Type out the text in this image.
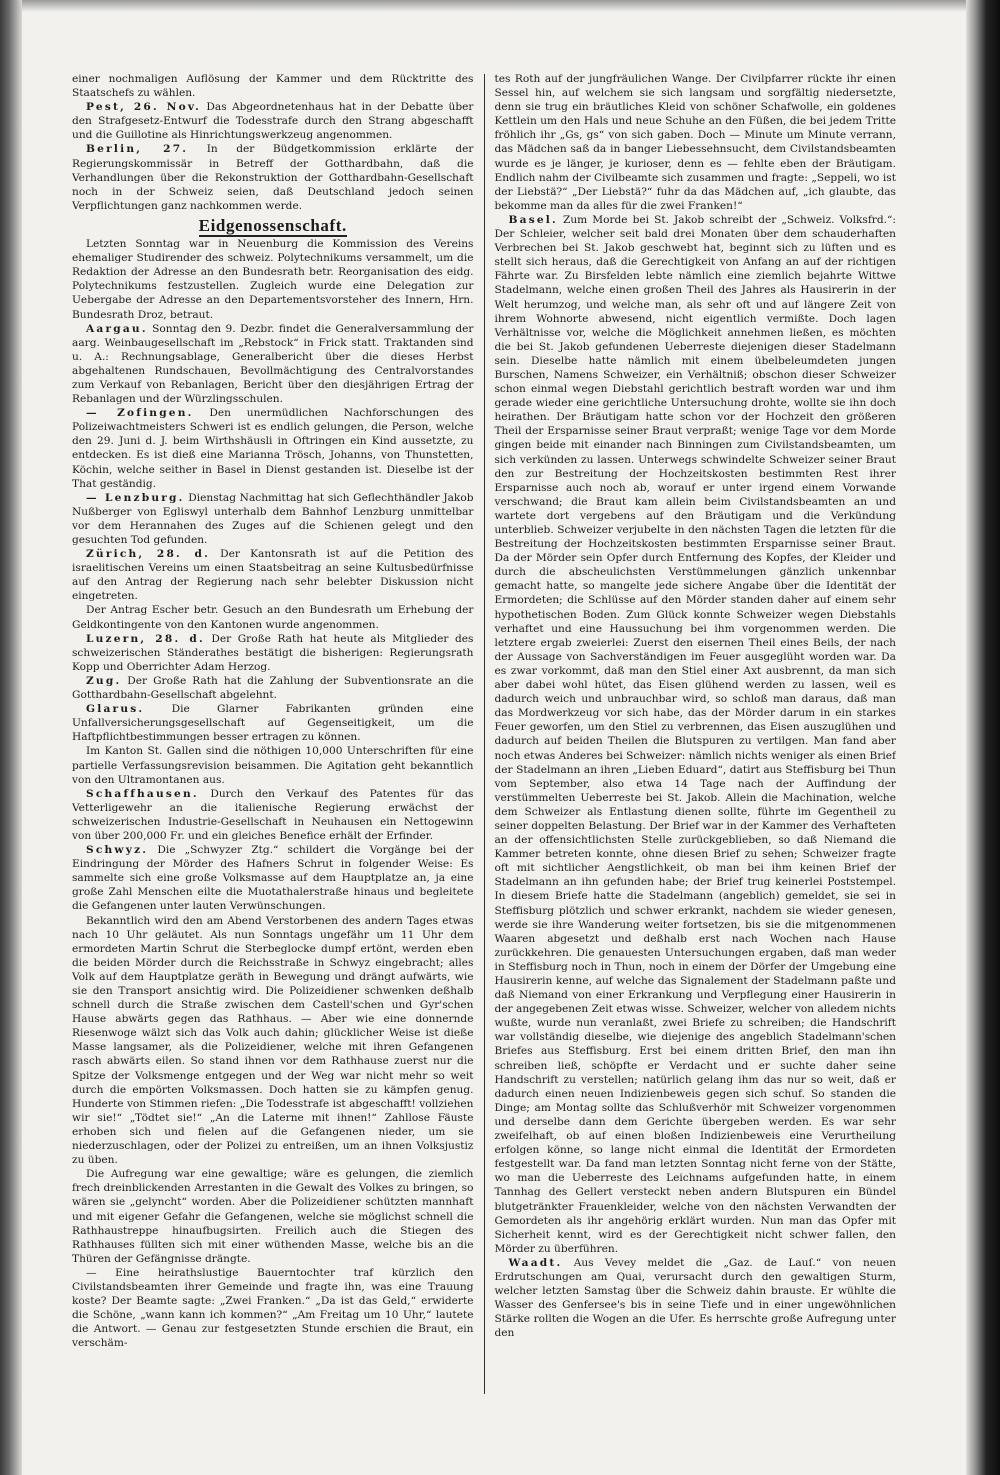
einer nochmaligen Auflösung der Kammer und dem Rücktritte des Staatschefs zu wählen.

Pest, 26. Nov. Das Abgeordnetenhaus hat in der Debatte über den Strafgesetz-Entwurf die Todesstrafe durch den Strang abgeschafft und die Guillotine als Hinrichtungswerkzeug angenommen.

Berlin, 27. In der Büdgetkommission erklärte der Regierungskommissär in Betreff der Gotthardbahn, daß die Verhandlungen über die Rekonstruktion der Gotthardbahn-Gesellschaft noch in der Schweiz seien, daß Deutschland jedoch seinen Verpflichtungen ganz nachkommen werde.

Eidgenossenschaft.

Letzten Sonntag war in Neuenburg die Kommission des Vereins ehemaliger Studirender des schweiz. Polytechnikums versammelt, um die Redaktion der Adresse an den Bundesrath betr. Reorganisation des eidg. Polytechnikums festzustellen. Zugleich wurde eine Delegation zur Uebergabe der Adresse an den Departementsvorsteher des Innern, Hrn. Bundesrath Droz, betraut.

Aargau. Sonntag den 9. Dezbr. findet die Generalversammlung der aarg. Weinbaugesellschaft im „Rebstock“ in Frick statt. Traktanden sind u. A.: Rechnungsablage, Generalbericht über die dieses Herbst abgehaltenen Rundschauen, Bevollmächtigung des Centralvorstandes zum Verkauf von Rebanlagen, Bericht über den diesjährigen Ertrag der Rebanlagen und der Würzlingsschulen.

— Zofingen. Den unermüdlichen Nachforschungen des Polizeiwachtmeisters Schweri ist es endlich gelungen, die Person, welche den 29. Juni d. J. beim Wirthshäusli in Oftringen ein Kind aussetzte, zu entdecken. Es ist dieß eine Marianna Trösch, Johanns, von Thunstetten, Köchin, welche seither in Basel in Dienst gestanden ist. Dieselbe ist der That geständig.

— Lenzburg. Dienstag Nachmittag hat sich Geflechthändler Jakob Nußberger von Egliswyl unterhalb dem Bahnhof Lenzburg unmittelbar vor dem Herannahen des Zuges auf die Schienen gelegt und den gesuchten Tod gefunden.

Zürich, 28. d. Der Kantonsrath ist auf die Petition des israelitischen Vereins um einen Staatsbeitrag an seine Kultusbedürfnisse auf den Antrag der Regierung nach sehr belebter Diskussion nicht eingetreten.

Der Antrag Escher betr. Gesuch an den Bundesrath um Erhebung der Geldkontingente von den Kantonen wurde angenommen.

Luzern, 28. d. Der Große Rath hat heute als Mitglieder des schweizerischen Ständerathes bestätigt die bisherigen: Regierungsrath Kopp und Oberrichter Adam Herzog.

Zug. Der Große Rath hat die Zahlung der Subventionsrate an die Gotthardbahn-Gesellschaft abgelehnt.

Glarus.	Die Glarner Fabrikanten gründen eine Unfallversicherungsgesellschaft auf Gegenseitigkeit, um die Haftpflichtbestimmungen besser ertragen zu können.

Im Kanton St. Gallen sind die nöthigen 10,000 Unterschriften für eine partielle Verfassungsrevision beisammen. Die Agitation geht bekanntlich von den Ultramontanen aus.

Schaffhausen. Durch den Verkauf des Patentes für das Vetterligewehr an die italienische Regierung erwächst der schweizerischen Industrie-Gesellschaft in Neuhausen ein Nettogewinn von über 200,000 Fr. und ein gleiches Benefice erhält der Erfinder.

Schwyz. Die „Schwyzer Ztg.“ schildert die Vorgänge bei der Eindringung der Mörder des Hafners Schrut in folgender Weise: Es sammelte sich eine große Volksmasse auf dem Hauptplatze an, ja eine große Zahl Menschen eilte die Muotathalerstraße hinaus und begleitete die Gefangenen unter lauten Verwünschungen.

Bekanntlich wird den am Abend Verstorbenen des andern Tages etwas nach 10 Uhr geläutet. Als nun Sonntags ungefähr um 11 Uhr dem ermordeten Martin Schrut die Sterbeglocke dumpf ertönt, werden eben die beiden Mörder durch die Reichsstraße in Schwyz eingebracht; alles Volk auf dem Hauptplatze geräth in Bewegung und drängt aufwärts, wie sie den Transport ansichtig wird. Die Polizeidiener schwenken deßhalb schnell durch die Straße zwischen dem Castell'schen und Gyr'schen Hause abwärts gegen das Rathhaus. — Aber wie eine donnernde Riesenwoge wälzt sich das Volk auch dahin; glücklicher Weise ist dieße Masse langsamer, als die Polizeidiener, welche mit ihren Gefangenen rasch abwärts eilen. So stand ihnen vor dem Rathhause zuerst nur die Spitze der Volksmenge entgegen und der Weg war nicht mehr so weit durch die empörten Volksmassen. Doch hatten sie zu kämpfen genug. Hunderte von Stimmen riefen: „Die Todesstrafe ist abgeschafft! vollziehen wir sie!“ „Tödtet sie!“ „An die Laterne mit ihnen!“ Zahllose Fäuste erhoben sich und fielen auf die Gefangenen nieder, um sie niederzuschlagen, oder der Polizei zu entreißen, um an ihnen Volksjustiz zu üben.

Die Aufregung war eine gewaltige; wäre es gelungen, die ziemlich frech dreinblickenden Arrestanten in die Gewalt des Volkes zu bringen, so wären sie „gelyncht“ worden. Aber die Polizeidiener schützten mannhaft und mit eigener Gefahr die Gefangenen, welche sie möglichst schnell die Rathhaustreppe hinaufbugsirten. Freilich auch die Stiegen des Rathhauses füllten sich mit einer wüthenden Masse, welche bis an die Thüren der Gefängnisse drängte.

— Eine heirathslustige Bauerntochter traf kürzlich den Civilstandsbeamten ihrer Gemeinde und fragte ihn, was eine Trauung koste? Der Beamte sagte: „Zwei Franken.“ „Da ist das Geld,“ erwiderte die Schöne, „wann kann ich kommen?“ „Am Freitag um 10 Uhr,“ lautete die Antwort. — Genau zur festgesetzten Stunde erschien die Braut, ein verschäm-

tes Roth auf der jungfräulichen Wange. Der Civilpfarrer rückte ihr einen Sessel hin, auf welchem sie sich langsam und sorgfältig niedersetzte, denn sie trug ein bräutliches Kleid von schöner Schafwolle, ein goldenes Kettlein um den Hals und neue Schuhe an den Füßen, die bei jedem Tritte fröhlich ihr „Gs, gs“ von sich gaben. Doch — Minute um Minute verrann, das Mädchen saß da in banger Liebessehnsucht, dem Civilstandsbeamten wurde es je länger, je kurioser, denn es — fehlte eben der Bräutigam. Endlich nahm der Civilbeamte sich zusammen und fragte: „Seppeli, wo ist der Liebstä?“ „Der Liebstä?“ fuhr da das Mädchen auf, „ich glaubte, das bekomme man da alles für die zwei Franken!“

Basel. Zum Morde bei St. Jakob schreibt der „Schweiz. Volksfrd.“: Der Schleier, welcher seit bald drei Monaten über dem schauderhaften Verbrechen bei St. Jakob geschwebt hat, beginnt sich zu lüften und es stellt sich heraus, daß die Gerechtigkeit von Anfang an auf der richtigen Fährte war. Zu Birsfelden lebte nämlich eine ziemlich bejahrte Wittwe Stadelmann, welche einen großen Theil des Jahres als Hausirerin in der Welt herumzog, und welche man, als sehr oft und auf längere Zeit von ihrem Wohnorte abwesend, nicht eigentlich vermißte. Doch lagen Verhältnisse vor, welche die Möglichkeit annehmen ließen, es möchten die bei St. Jakob gefundenen Ueberreste diejenigen dieser Stadelmann sein. Dieselbe hatte nämlich mit einem übelbeleumdeten jungen Burschen, Namens Schweizer, ein Verhältniß; obschon dieser Schweizer schon einmal wegen Diebstahl gerichtlich bestraft worden war und ihm gerade wieder eine gerichtliche Untersuchung drohte, wollte sie ihn doch heirathen. Der Bräutigam hatte schon vor der Hochzeit den größeren Theil der Ersparnisse seiner Braut verpraßt; wenige Tage vor dem Morde gingen beide mit einander nach Binningen zum Civilstandsbeamten, um sich verkünden zu lassen. Unterwegs schwindelte Schweizer seiner Braut den zur Bestreitung der Hochzeitskosten bestimmten Rest ihrer Ersparnisse auch noch ab, worauf er unter irgend einem Vorwande verschwand; die Braut kam allein beim Civilstandsbeamten an und wartete dort vergebens auf den Bräutigam und die Verkündung unterblieb. Schweizer verjubelte in den nächsten Tagen die letzten für die Bestreitung der Hochzeitskosten bestimmten Ersparnisse seiner Braut. Da der Mörder sein Opfer durch Entfernung des Kopfes, der Kleider und durch die abscheulichsten Verstümmelungen gänzlich unkennbar gemacht hatte, so mangelte jede sichere Angabe über die Identität der Ermordeten; die Schlüsse auf den Mörder standen daher auf einem sehr hypothetischen Boden. Zum Glück konnte Schweizer wegen Diebstahls verhaftet und eine Haussuchung bei ihm vorgenommen werden. Die letztere ergab zweierlei: Zuerst den eisernen Theil eines Beils, der nach der Aussage von Sachverständigen im Feuer ausgeglüht worden war. Da es zwar vorkommt, daß man den Stiel einer Axt ausbrennt, da man sich aber dabei wohl hütet, das Eisen glühend werden zu lassen, weil es dadurch weich und unbrauchbar wird, so schloß man daraus, daß man das Mordwerkzeug vor sich habe, das der Mörder darum in ein starkes Feuer geworfen, um den Stiel zu verbrennen, das Eisen auszuglühen und dadurch auf beiden Theilen die Blutspuren zu vertilgen. Man fand aber noch etwas Anderes bei Schweizer: nämlich nichts weniger als einen Brief der Stadelmann an ihren „Lieben Eduard“, datirt aus Steffisburg bei Thun vom September, also etwa 14 Tage nach der Auffindung der verstümmelten Ueberreste bei St. Jakob. Allein die Machination, welche dem Schweizer als Entlastung dienen sollte, führte im Gegentheil zu seiner doppelten Belastung. Der Brief war in der Kammer des Verhafteten an der offensichtlichsten Stelle zurückgeblieben, so daß Niemand die Kammer betreten konnte, ohne diesen Brief zu sehen; Schweizer fragte oft mit sichtlicher Aengstlichkeit, ob man bei ihm keinen Brief der Stadelmann an ihn gefunden habe; der Brief trug keinerlei Poststempel. In diesem Briefe hatte die Stadelmann (angeblich) gemeldet, sie sei in Steffisburg plötzlich und schwer erkrankt, nachdem sie wieder genesen, werde sie ihre Wanderung weiter fortsetzen, bis sie die mitgenommenen Waaren abgesetzt und deßhalb erst nach Wochen nach Hause zurückkehren. Die genauesten Untersuchungen ergaben, daß man weder in Steffisburg noch in Thun, noch in einem der Dörfer der Umgebung eine Hausirerin kenne, auf welche das Signalement der Stadelmann paßte und daß Niemand von einer Erkrankung und Verpflegung einer Hausirerin in der angegebenen Zeit etwas wisse. Schweizer, welcher von alledem nichts wußte, wurde nun veranlaßt, zwei Briefe zu schreiben; die Handschrift war vollständig dieselbe, wie diejenige des angeblich Stadelmann'schen Briefes aus Steffisburg. Erst bei einem dritten Brief, den man ihn schreiben ließ, schöpfte er Verdacht und er suchte daher seine Handschrift zu verstellen; natürlich gelang ihm das nur so weit, daß er dadurch einen neuen Indizienbeweis gegen sich schuf. So standen die Dinge; am Montag sollte das Schlußverhör mit Schweizer vorgenommen und derselbe dann dem Gerichte übergeben werden. Es war sehr zweifelhaft, ob auf einen bloßen Indizienbeweis eine Verurtheilung erfolgen könne, so lange nicht einmal die Identität der Ermordeten festgestellt war. Da fand man letzten Sonntag nicht ferne von der Stätte, wo man die Ueberreste des Leichnams aufgefunden hatte, in einem Tannhag des Gellert versteckt neben andern Blutspuren ein Bündel blutgetränkter Frauenkleider, welche von den nächsten Verwandten der Gemordeten als ihr angehörig erklärt wurden. Nun man das Opfer mit Sicherheit kennt, wird es der Gerechtigkeit nicht schwer fallen, den Mörder zu überführen.

Waadt. Aus Vevey meldet die „Gaz. de Lauſ.“ von neuen Erdrutschungen am Quai, verursacht durch den gewaltigen Sturm, welcher letzten Samstag über die Schweiz dahin brauste. Er wühlte die Wasser des Genfersee's bis in seine Tiefe und in einer ungewöhnlichen Stärke rollten die Wogen an die Ufer. Es herrschte große Aufregung unter den
